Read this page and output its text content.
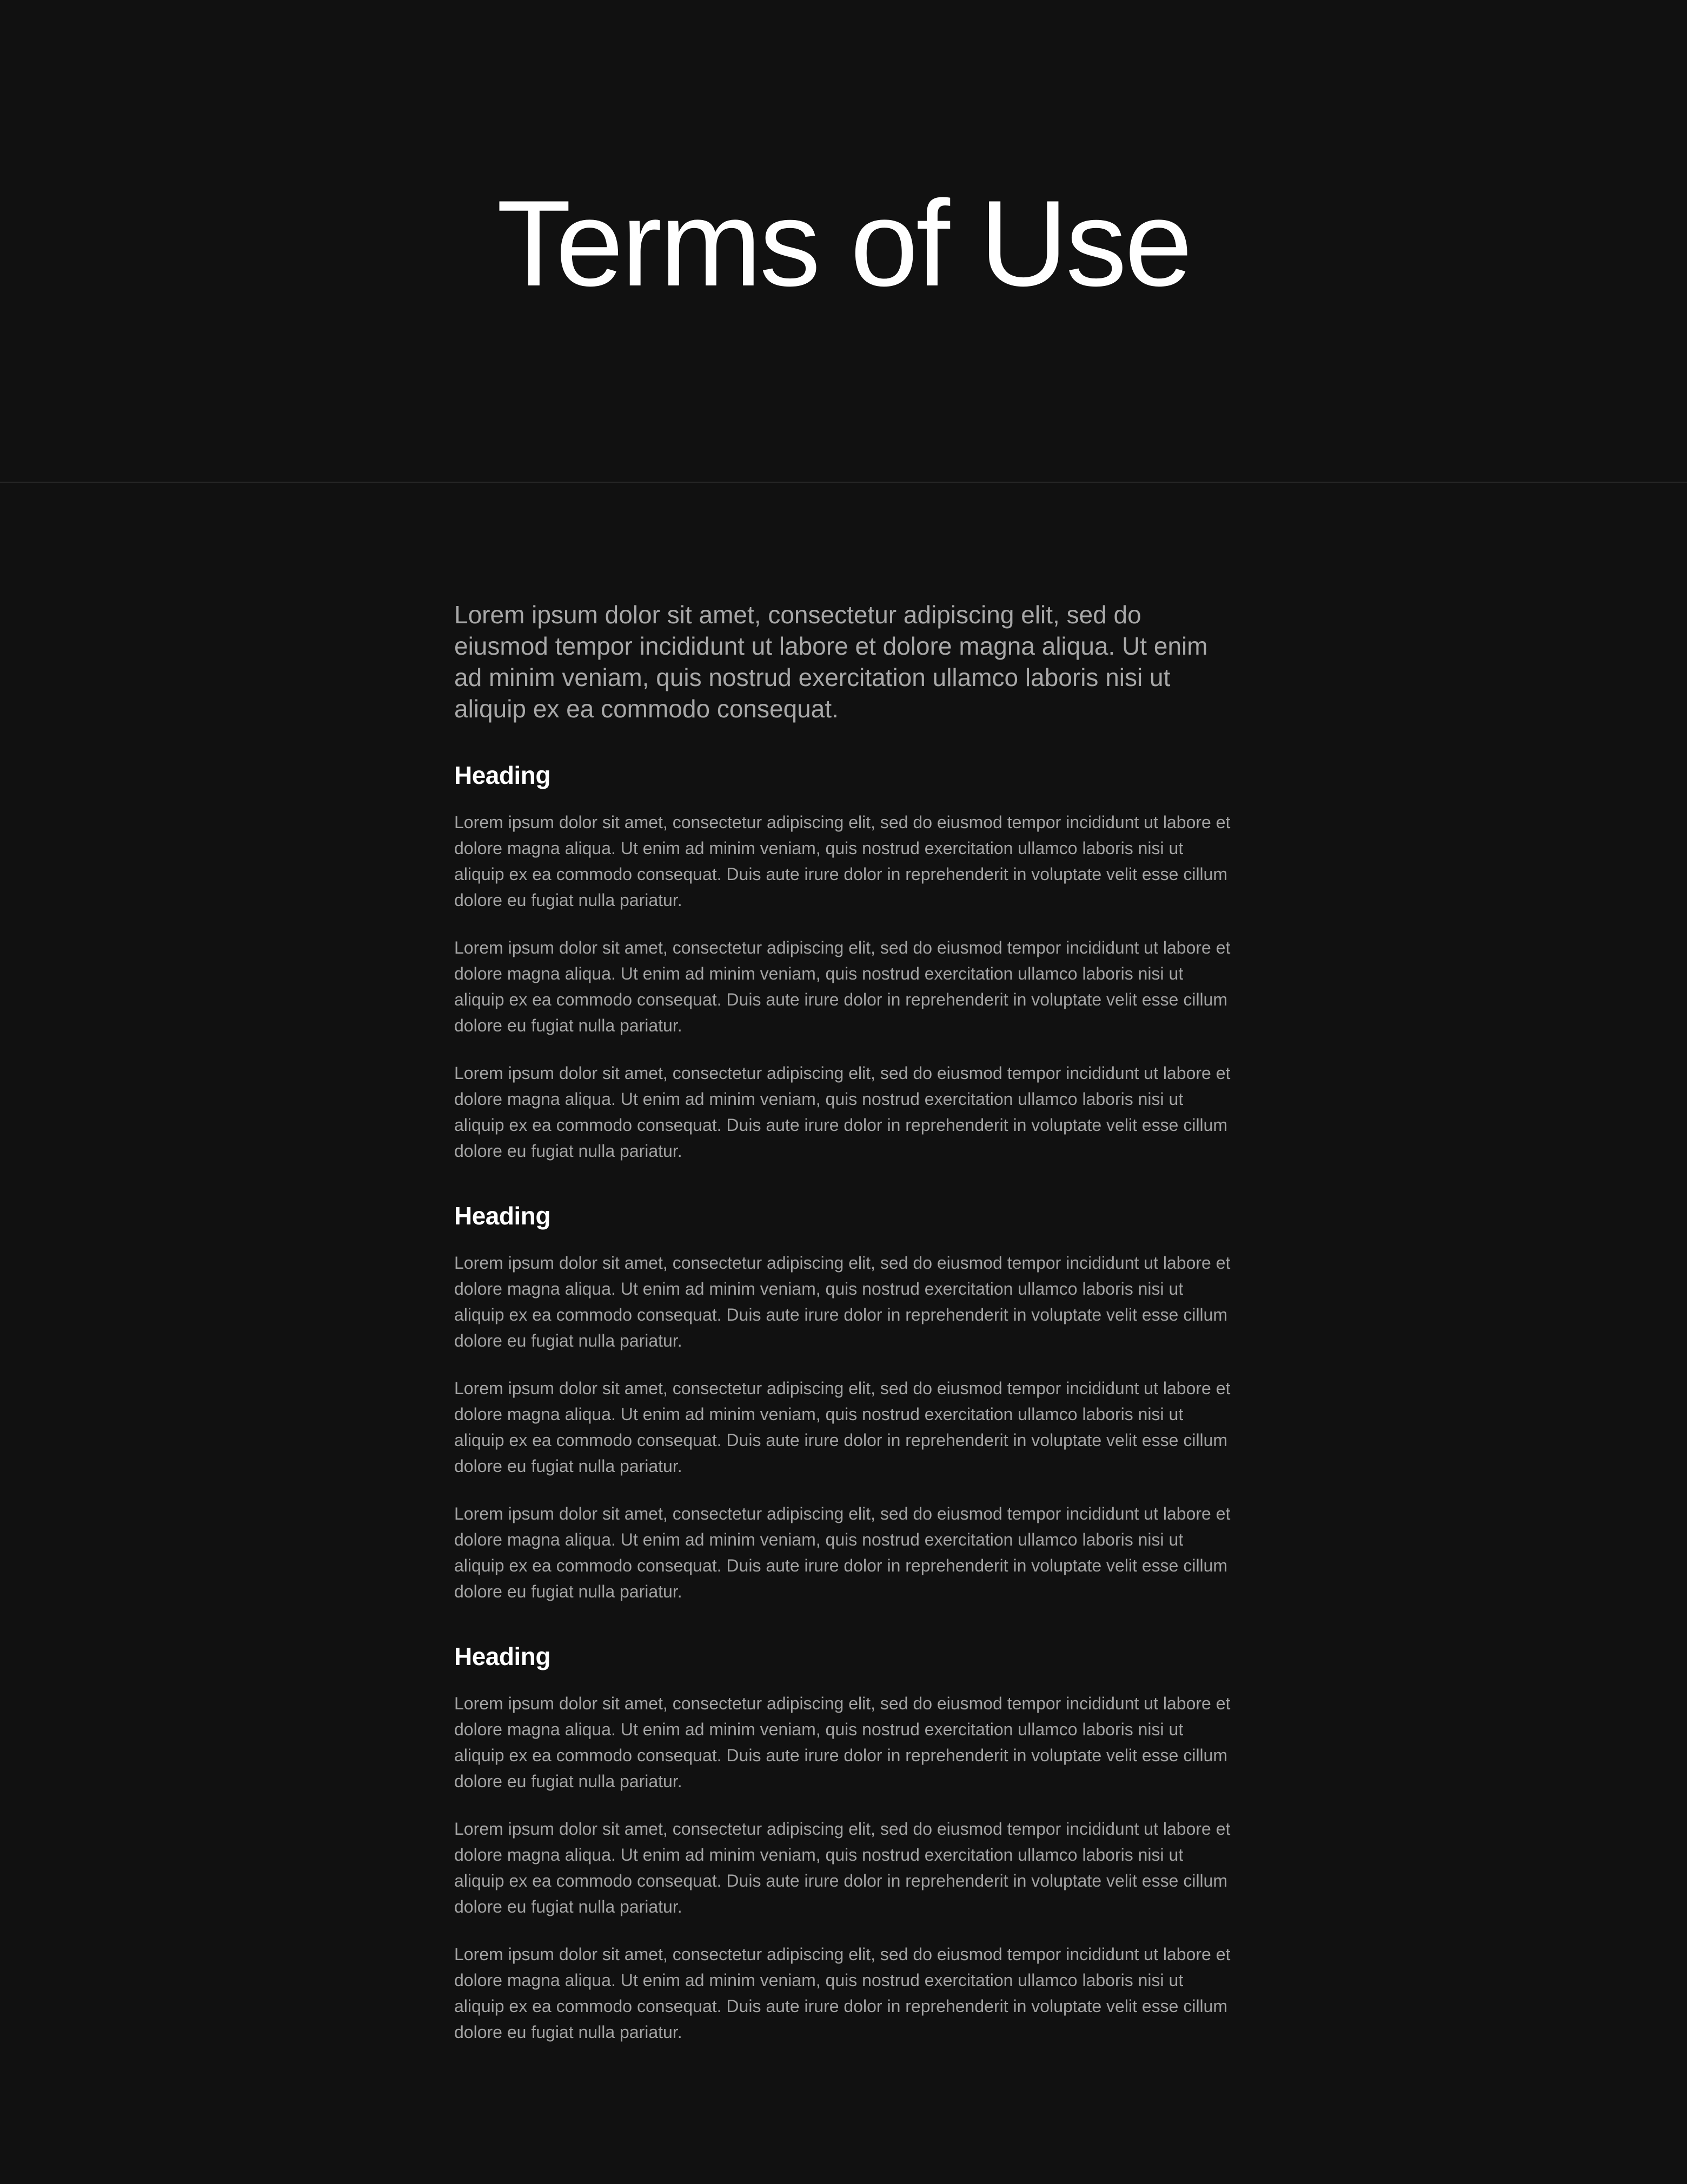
Terms of Use

Lorem ipsum dolor sit amet, consectetur adipiscing elit, sed do eiusmod tempor incididunt ut labore et dolore magna aliqua. Ut enim ad minim veniam, quis nostrud exercitation ullamco laboris nisi ut aliquip ex ea commodo consequat.

Heading

Lorem ipsum dolor sit amet, consectetur adipiscing elit, sed do eiusmod tempor incididunt ut labore et dolore magna aliqua. Ut enim ad minim veniam, quis nostrud exercitation ullamco laboris nisi ut aliquip ex ea commodo consequat. Duis aute irure dolor in reprehenderit in voluptate velit esse cillum dolore eu fugiat nulla pariatur.

Lorem ipsum dolor sit amet, consectetur adipiscing elit, sed do eiusmod tempor incididunt ut labore et dolore magna aliqua. Ut enim ad minim veniam, quis nostrud exercitation ullamco laboris nisi ut aliquip ex ea commodo consequat. Duis aute irure dolor in reprehenderit in voluptate velit esse cillum dolore eu fugiat nulla pariatur.

Lorem ipsum dolor sit amet, consectetur adipiscing elit, sed do eiusmod tempor incididunt ut labore et dolore magna aliqua. Ut enim ad minim veniam, quis nostrud exercitation ullamco laboris nisi ut aliquip ex ea commodo consequat. Duis aute irure dolor in reprehenderit in voluptate velit esse cillum dolore eu fugiat nulla pariatur.

Heading

Lorem ipsum dolor sit amet, consectetur adipiscing elit, sed do eiusmod tempor incididunt ut labore et dolore magna aliqua. Ut enim ad minim veniam, quis nostrud exercitation ullamco laboris nisi ut aliquip ex ea commodo consequat. Duis aute irure dolor in reprehenderit in voluptate velit esse cillum dolore eu fugiat nulla pariatur.

Lorem ipsum dolor sit amet, consectetur adipiscing elit, sed do eiusmod tempor incididunt ut labore et dolore magna aliqua. Ut enim ad minim veniam, quis nostrud exercitation ullamco laboris nisi ut aliquip ex ea commodo consequat. Duis aute irure dolor in reprehenderit in voluptate velit esse cillum dolore eu fugiat nulla pariatur.

Lorem ipsum dolor sit amet, consectetur adipiscing elit, sed do eiusmod tempor incididunt ut labore et dolore magna aliqua. Ut enim ad minim veniam, quis nostrud exercitation ullamco laboris nisi ut aliquip ex ea commodo consequat. Duis aute irure dolor in reprehenderit in voluptate velit esse cillum dolore eu fugiat nulla pariatur.

Heading

Lorem ipsum dolor sit amet, consectetur adipiscing elit, sed do eiusmod tempor incididunt ut labore et dolore magna aliqua. Ut enim ad minim veniam, quis nostrud exercitation ullamco laboris nisi ut aliquip ex ea commodo consequat. Duis aute irure dolor in reprehenderit in voluptate velit esse cillum dolore eu fugiat nulla pariatur.

Lorem ipsum dolor sit amet, consectetur adipiscing elit, sed do eiusmod tempor incididunt ut labore et dolore magna aliqua. Ut enim ad minim veniam, quis nostrud exercitation ullamco laboris nisi ut aliquip ex ea commodo consequat. Duis aute irure dolor in reprehenderit in voluptate velit esse cillum dolore eu fugiat nulla pariatur.

Lorem ipsum dolor sit amet, consectetur adipiscing elit, sed do eiusmod tempor incididunt ut labore et dolore magna aliqua. Ut enim ad minim veniam, quis nostrud exercitation ullamco laboris nisi ut aliquip ex ea commodo consequat. Duis aute irure dolor in reprehenderit in voluptate velit esse cillum dolore eu fugiat nulla pariatur.
